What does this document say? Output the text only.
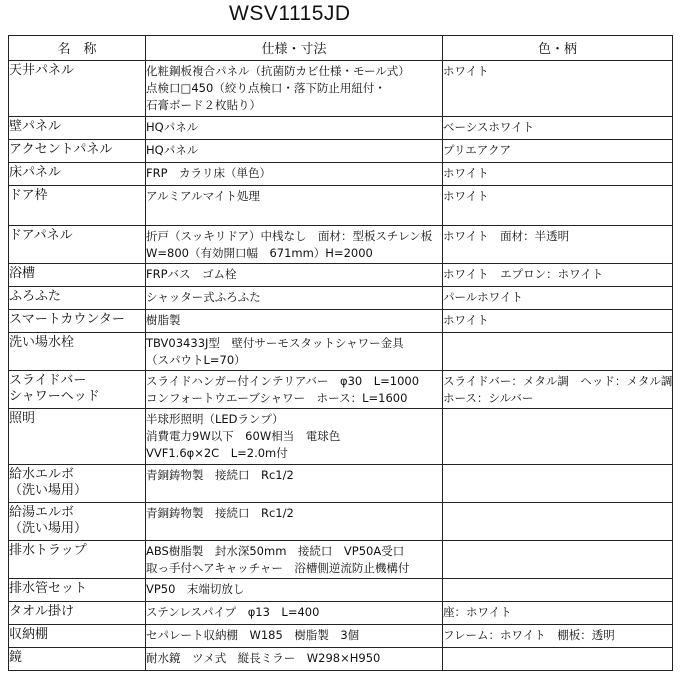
WSV1115JD
名　称	仕様・寸法	色・柄

天井パネル	化粧鋼板複合パネル（抗菌防カビ仕様・モール式）
点検口□450（絞り点検口・落下防止用紐付・
石膏ボード２枚貼り）	ホワイト

壁パネル	HQパネル	ベーシスホワイト

アクセントパネル	HQパネル	プリエアクア

床パネル	FRP　カラリ床（単色）	ホワイト

ドア枠	アルミアルマイト処理	ホワイト

ドアパネル	折戸（スッキリドア）中桟なし　面材：型板スチレン板
W=800（有効開口幅　671mm）H=2000	ホワイト　面材：半透明

浴槽	FRPバス　ゴム栓	ホワイト　エプロン：ホワイト

ふろふた	シャッター式ふろふた	パールホワイト

スマートカウンター	樹脂製	ホワイト

洗い場水栓	TBV03433J型　壁付サーモスタットシャワー金具
（スパウトL=70）	

スライドバー
シャワーヘッド	スライドハンガー付インテリアバー　φ30　L=1000
コンフォートウエーブシャワー　ホース：L=1600	スライドバー：メタル調　ヘッド：メタル調
ホース：シルバー

照明	半球形照明（LEDランプ）
消費電力9W以下　60W相当　電球色
VVF1.6φ×2C　L=2.0m付	

給水エルボ
（洗い場用）	青銅鋳物製　接続口　Rc1/2	

給湯エルボ
（洗い場用）	青銅鋳物製　接続口　Rc1/2	

排水トラップ	ABS樹脂製　封水深50mm　接続口　VP50A受口
取っ手付ヘアキャッチャー　浴槽側逆流防止機構付	

排水管セット	VP50　末端切放し	

タオル掛け	ステンレスパイプ　φ13　L=400	座：ホワイト

収納棚	セパレート収納棚　W185　樹脂製　3個	フレーム：ホワイト　棚板：透明

鏡	耐水鏡　ツメ式　縦長ミラー　W298×H950	
